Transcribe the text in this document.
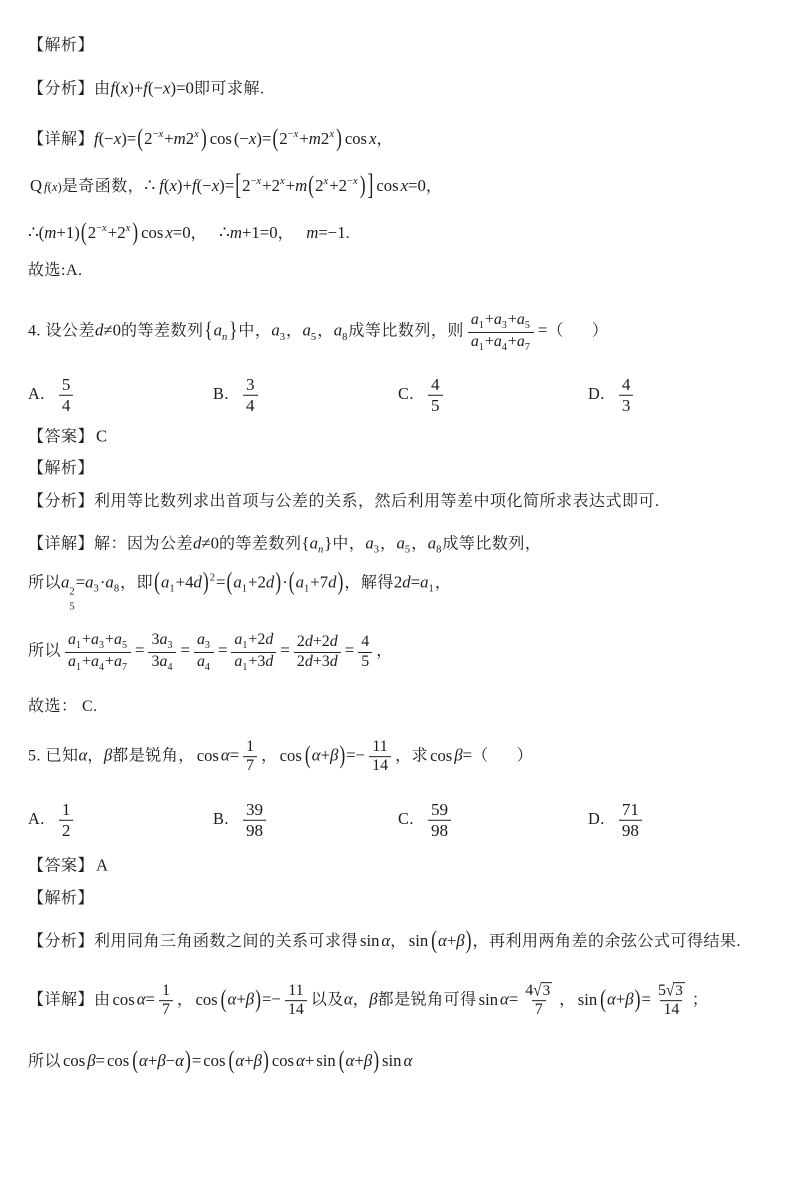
【解析】
【分析】由f(x)+f(−x)=0即可求解.
【详解】$f(-x)=(2^{-x}+m2^x$ ) $\cos (-x)=(2^{-x}+m2^x$ ) cos x，
Q f(x)是奇函数，∴ $f(x)+f(-x)=[2^{-x}+2^x+m(2^x+2^{-x}$ ) ] cos x=0，
$\therefore(m+1)(2^{-x}+2^x$ ) cos x=0， ∴m+1=0， m=−1.
故选:A.
4. 设公差d≠0的等差数列{$a_n$ }中，$a_3$，$a_5$，$a_8$成等比数列，则 $\frac{a_1+a_3+a_5}{a_1+a_4+a_7}$ =（ ）
A. $\frac{5}{4}$	B. $\frac{3}{4}$	C. $\frac{4}{5}$	D. $\frac{4}{3}$
【答案】 C
【解析】
【分析】利用等比数列求出首项与公差的关系，然后利用等差中项化简所求表达式即可.
【详解】解：因为公差d≠0的等差数列$\{a_n\}$中，$a_3$，$a_5$，$a_8$成等比数列，
所以a
2
5
$=a_3\cdot a_8$，即$(a_1+4d)^2=(a_1+2d)\cdot(a_1+7d)$，解得$2d=a_1$，
所以 $\frac{a_1+a_3+a_5}{a_1+a_4+a_7} = \frac{3a_3}{3a_4} = \frac{a_3}{a_4} = \frac{a_1+2d}{a_1+3d} = \frac{2d+2d}{2d+3d} = \frac{4}{5}$ ，
故选： C.
5. 已知α，β都是锐角， $\cos \alpha= \frac{1}{7}$ ， $\cos (\alpha+\beta)=- \frac{11}{14}$ ，求 cos β=（ ）
A. $\frac{1}{2}$	B. $\frac{39}{98}$	C. $\frac{59}{98}$	D. $\frac{71}{98}$
【答案】 A
【解析】
【分析】利用同角三角函数之间的关系可求得 sin α， sin (α+β)，再利用两角差的余弦公式可得结果.
【详解】由 $\cos \alpha= \frac{1}{7}$ ， $\cos (\alpha+\beta)=- \frac{11}{14}$ 以及α，β都是锐角可得 $\sin \alpha= \frac{4√3}{7}$ ， $\sin (\alpha+\beta)= \frac{5√3}{14}$ ；
所以 cos β= cos (α+β−α)= cos (α+β) cos α+ sin (α+β) sin α
